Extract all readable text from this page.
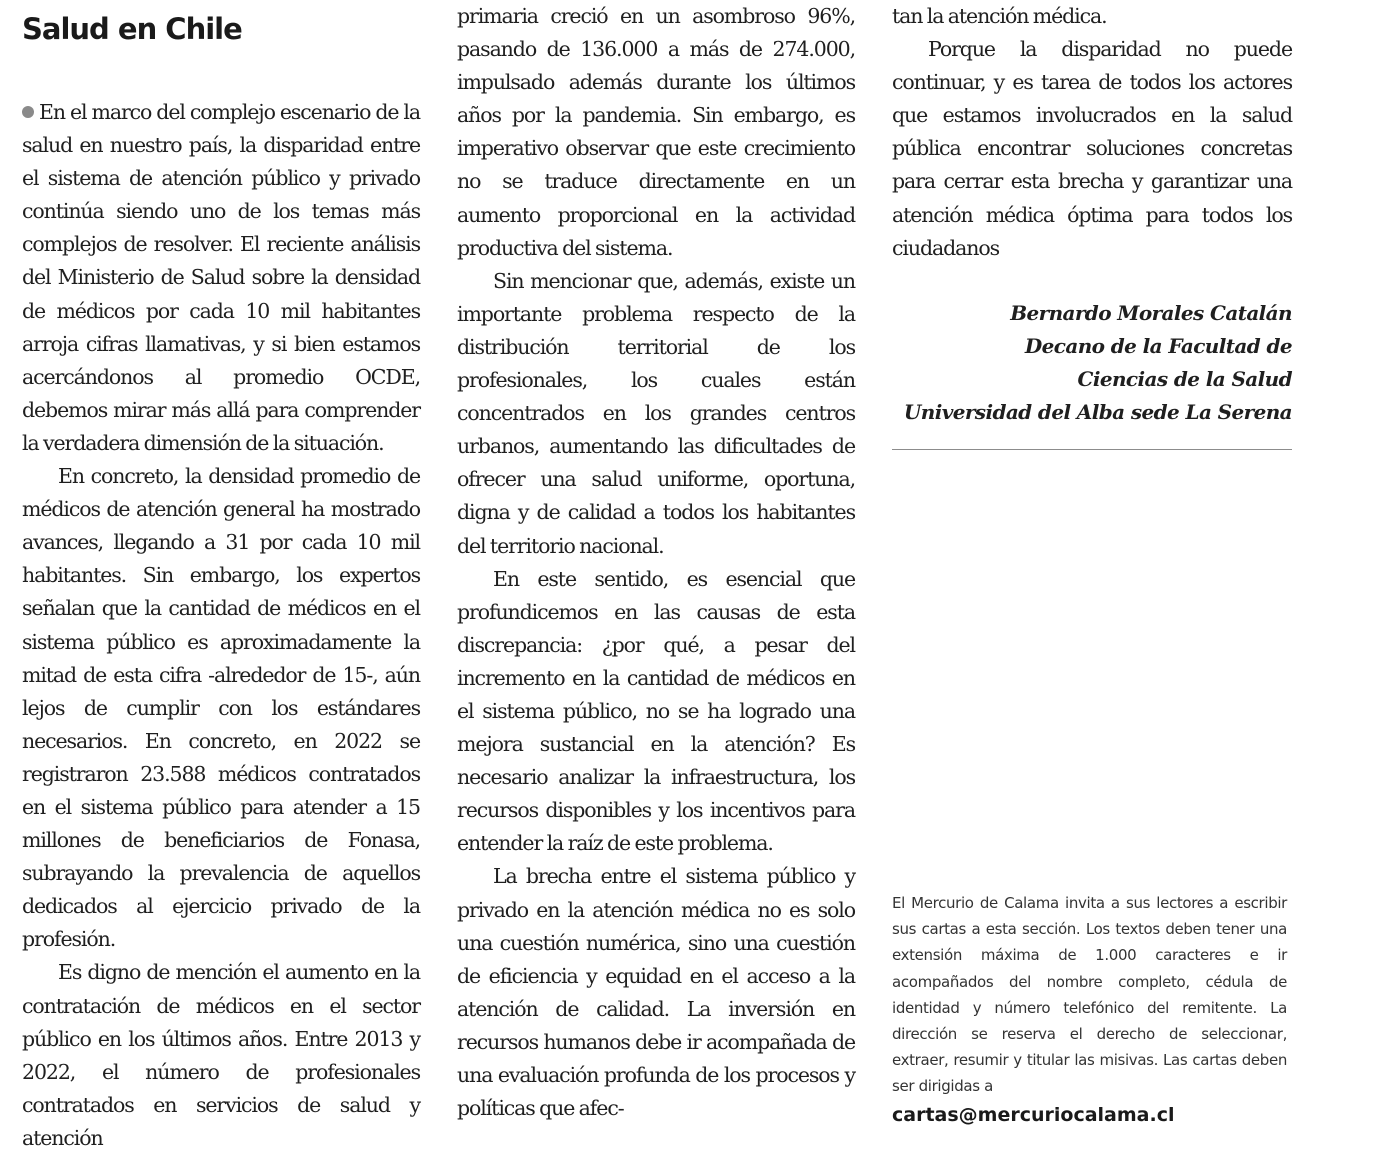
Salud en Chile

En el marco del complejo escenario de la salud en nuestro país, la disparidad entre el sistema de atención público y privado continúa siendo uno de los temas más complejos de resolver. El reciente análisis del Ministerio de Salud sobre la densidad de médicos por cada 10 mil habitantes arroja cifras llamativas, y si bien estamos acercándonos al promedio OCDE, debemos mirar más allá para comprender la verdadera dimensión de la situación.

En concreto, la densidad promedio de médicos de atención general ha mostrado avances, llegando a 31 por cada 10 mil habitantes. Sin embargo, los expertos señalan que la cantidad de médicos en el sistema público es aproximadamente la mitad de esta cifra -alrededor de 15-, aún lejos de cumplir con los estándares necesarios. En concreto, en 2022 se registraron 23.588 médicos contratados en el sistema público para atender a 15 millones de beneficiarios de Fonasa, subrayando la prevalencia de aquellos dedicados al ejercicio privado de la profesión.

Es digno de mención el aumento en la contratación de médicos en el sector público en los últimos años. Entre 2013 y 2022, el número de profesionales contratados en servicios de salud y atención

primaria creció en un asombroso 96%, pasando de 136.000 a más de 274.000, impulsado además durante los últimos años por la pandemia. Sin embargo, es imperativo observar que este crecimiento no se traduce directamente en un aumento proporcional en la actividad productiva del sistema.

Sin mencionar que, además, existe un importante problema respecto de la distribución territorial de los profesionales, los cuales están concentrados en los grandes centros urbanos, aumentando las dificultades de ofrecer una salud uniforme, oportuna, digna y de calidad a todos los habitantes del territorio nacional.

En este sentido, es esencial que profundicemos en las causas de esta discrepancia: ¿por qué, a pesar del incremento en la cantidad de médicos en el sistema público, no se ha logrado una mejora sustancial en la atención? Es necesario analizar la infraestructura, los recursos disponibles y los incentivos para entender la raíz de este problema.

La brecha entre el sistema público y privado en la atención médica no es solo una cuestión numérica, sino una cuestión de eficiencia y equidad en el acceso a la atención de calidad. La inversión en recursos humanos debe ir acompañada de una evaluación profunda de los procesos y políticas que afec-

tan la atención médica.

Porque la disparidad no puede continuar, y es tarea de todos los actores que estamos involucrados en la salud pública encontrar soluciones concretas para cerrar esta brecha y garantizar una atención médica óptima para todos los ciudadanos

Bernardo Morales Catalán
Decano de la Facultad de
Ciencias de la Salud
Universidad del Alba sede La Serena
El Mercurio de Calama invita a sus lectores a escribir sus cartas a esta sección. Los textos deben tener una extensión máxima de 1.000 caracteres e ir acompañados del nombre completo, cédula de identidad y número telefónico del remitente. La dirección se reserva el derecho de seleccionar, extraer, resumir y titular las misivas. Las cartas deben ser dirigidas a
cartas@mercuriocalama.cl
